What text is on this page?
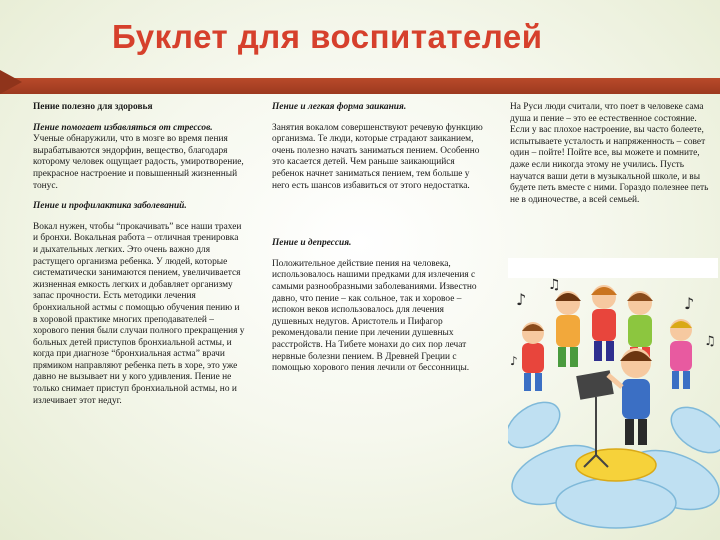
Буклет для воспитателей

Пение полезно для здоровья

Пение помогает избавляться от стрессов. Ученые обнаружили, что в мозге во время пения вырабатываются эндорфин, вещество, благодаря которому человек ощущает радость, умиротворение, прекрасное настроение и повышенный жизненный тонус.

Пение и профилактика заболеваний.

Вокал нужен, чтобы “прокачивать” все наши трахеи и бронхи. Вокальная работа – отличная тренировка и дыхательных легких. Это очень важно для растущего организма ребенка. У людей, которые систематически занимаются пением, увеличивается жизненная емкость легких и добавляет организму запас прочности. Есть методики лечения бронхиальной астмы с помощью обучения пению и в хоровой практике многих преподавателей – хорового пения были случаи полного прекращения у больных детей приступов бронхиальной астмы, и когда при диагнозе “бронхиальная астма” врачи прямиком направляют ребенка петь в хоре, это уже давно не вызывает ни у кого удивления. Пение не только снимает приступ бронхиальной астмы, но и излечивает этот недуг.

Пение и легкая форма заикания.

Занятия вокалом совершенствуют речевую функцию организма. Те люди, которые страдают заиканием, очень полезно начать заниматься пением. Особенно это касается детей. Чем раньше заикающийся ребенок начнет заниматься пением, тем больше у него есть шансов избавиться от этого недостатка.

Пение и депрессия.

Положительное действие пения на человека, использовалось нашими предками для излечения с самыми разнообразными заболеваниями. Известно давно, что пение – как сольное, так и хоровое – испокон веков использовалось для лечения душевных недугов. Аристотель и Пифагор рекомендовали пение при лечении душевных расстройств. На Тибете монахи до сих пор лечат нервные болезни пением. В Древней Греции с помощью хорового пения лечили от бессонницы.

На Руси люди считали, что поет в человеке сама душа и пение – это ее естественное состояние. Если у вас плохое настроение, вы часто болеете, испытываете усталость и напряженность – совет один – пойте! Пойте все, вы можете и помните, даже если никогда этому не учились. Пусть научатся ваши дети в музыкальной школе, и вы будете петь вместе с ними. Гораздо полезнее петь не в одиночестве, а всей семьей.

♪
♫
♪
♫
♪
